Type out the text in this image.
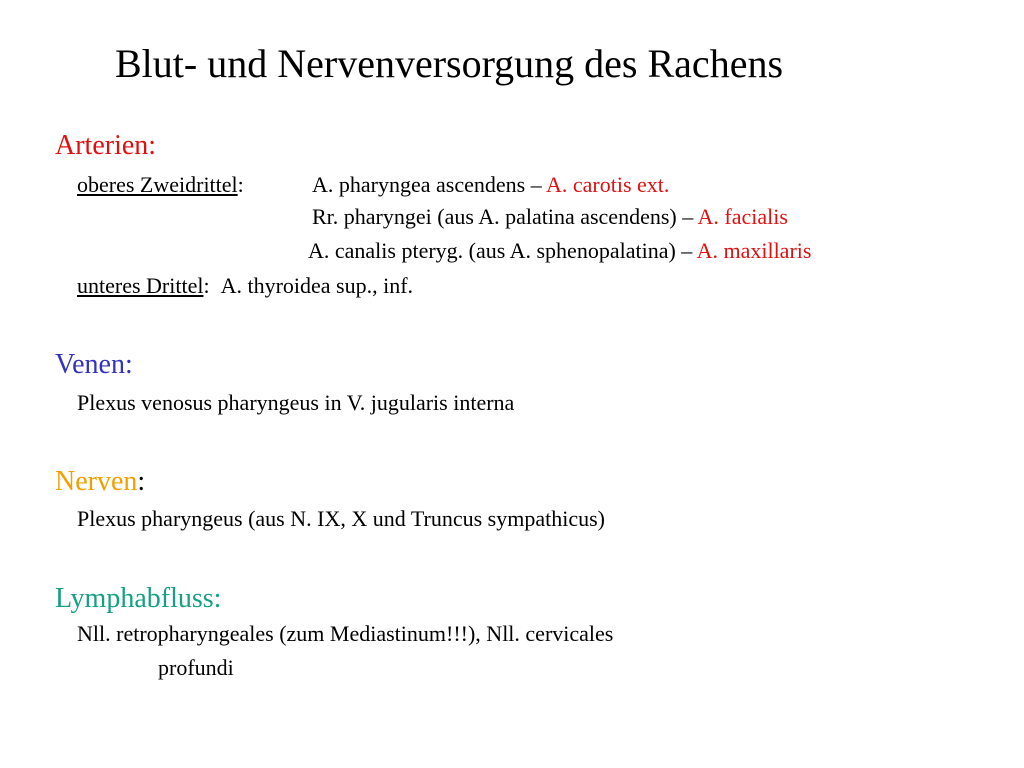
Blut- und Nervenversorgung des Rachens
Arterien:
oberes Zweidrittel:	A. pharyngea ascendens – A. carotis ext.
Rr. pharyngei (aus A. palatina ascendens) – A. facialis
A. canalis pteryg. (aus A. sphenopalatina) – A. maxillaris
unteres Drittel: A. thyroidea sup., inf.
Venen:
Plexus venosus pharyngeus in V. jugularis interna
Nerven:
Plexus pharyngeus (aus N. IX, X und Truncus sympathicus)
Lymphabfluss:
Nll. retropharyngeales (zum Mediastinum!!!), Nll. cervicales
profundi
